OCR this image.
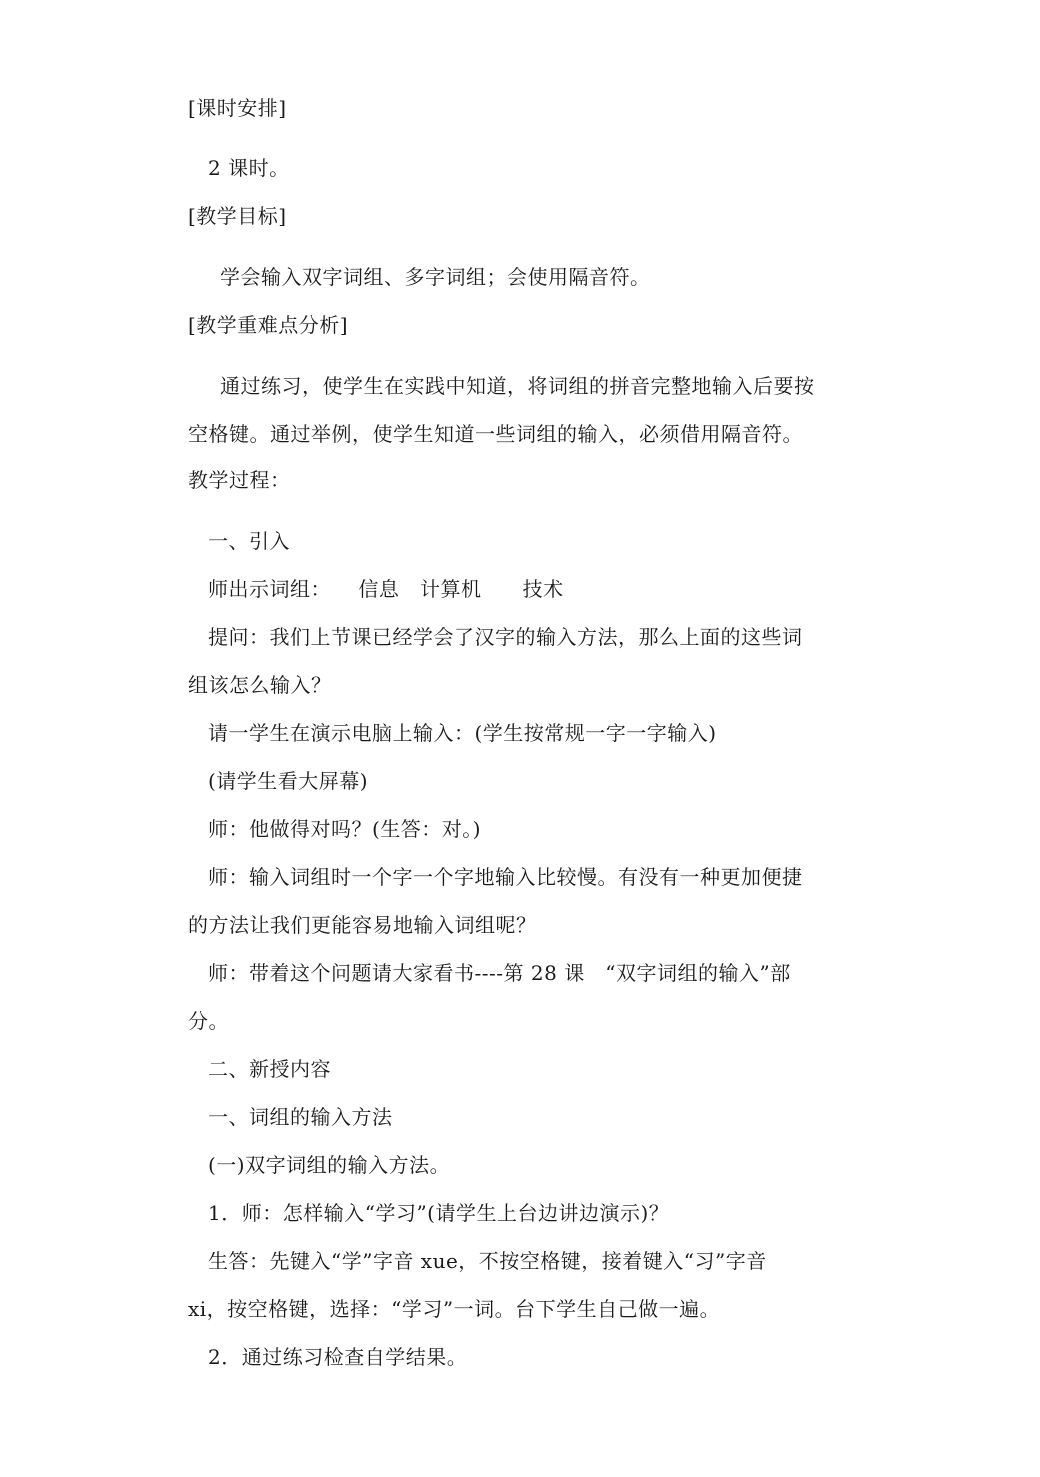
[课时安排]
2 课时。
[教学目标]
学会输入双字词组、多字词组；会使用隔音符。
[教学重难点分析]
通过练习，使学生在实践中知道，将词组的拼音完整地输入后要按
空格键。通过举例，使学生知道一些词组的输入，必须借用隔音符。
教学过程：
一、引入
师出示词组：    信息   计算机      技术
提问：我们上节课已经学会了汉字的输入方法，那么上面的这些词
组该怎么输入？
请一学生在演示电脑上输入：(学生按常规一字一字输入)
(请学生看大屏幕)
师：他做得对吗？(生答：对。)
师：输入词组时一个字一个字地输入比较慢。有没有一种更加便捷
的方法让我们更能容易地输入词组呢？
师：带着这个问题请大家看书----第 28 课   “双字词组的输入”部
分。
二、新授内容
一、词组的输入方法
(一)双字词组的输入方法。
1．师：怎样输入“学习”(请学生上台边讲边演示)？
生答：先键入“学”字音 xue，不按空格键，接着键入“习”字音
xi，按空格键，选择：“学习”一词。台下学生自己做一遍。
2．通过练习检查自学结果。
